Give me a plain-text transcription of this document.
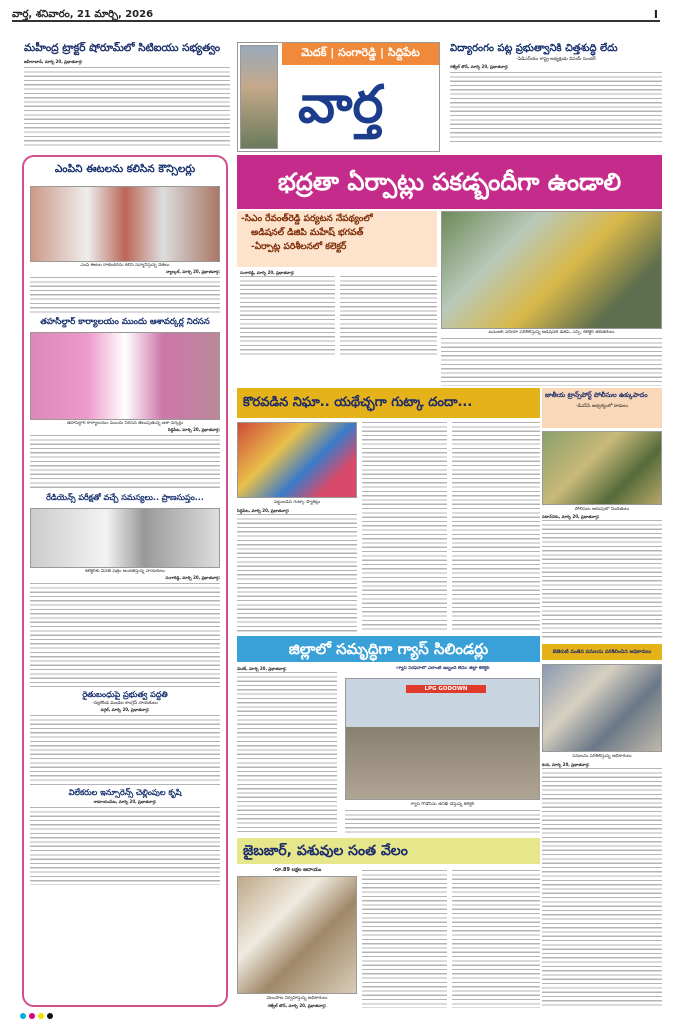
వార్త, శనివారం, 21 మార్చి, 2026	I
మహీంద్ర ట్రాక్టర్ షోరూమ్‌లో సిటిఐయు సభ్యత్వం
జహీరాబాద్, మార్చి 20, ప్రభాతవార్త:
మెదక్ | సంగారెడ్డి | సిద్దిపేట
వార్త
విద్యారంగం పట్ల ప్రభుత్వానికి చిత్తశుద్ధి లేదు
-పిడిఎస్‌యు రాష్ట్ర అధ్యక్షుడు వినయ్ సుందర్
గజ్వేల్ టౌన్, మార్చి 20, ప్రభాతవార్త:
ఎంపిని ఈటలను కలిసిన కౌన్సిలర్లు
ఎంపి ఈటల రాజేందర్‌ను కలిసి సన్మానిస్తున్న నేతలు
న్యాల్కల్, మార్చి 20, ప్రభాతవార్త:
తహసీల్దార్ కార్యాలయం ముందు ఆశావర్కర్ల నిరసన
తహసీల్దార్ కార్యాలయం ముందు నిరసన తెలుపుతున్న ఆశా వర్కర్లు
సిద్దిపేట, మార్చి 20, ప్రభాతవార్త:
రేడియెన్స్ పరీక్షతో వచ్చే సమస్యలు.. ప్రాణసుప్తం...
కలెక్టర్‌కు వినతి పత్రం అందజేస్తున్న నాయకులు
సంగారెడ్డి, మార్చి 20, ప్రభాతవార్త:
రైతుబంధుపై ప్రభుత్వ పద్దతి
-నల్లకొండ మండల కాంగ్రెస్ నాయకులు
వర్గల్, మార్చి 20, ప్రభాతవార్త:
విలేకరుల ఇన్సూరెన్స్ చెల్లింపుల కృషి
రామాయంపేట, మార్చి 20, ప్రభాతవార్త:
భద్రతా ఏర్పాట్లు పకడ్బందీగా ఉండాలి
-సిఎం రేవంత్‌రెడ్డి పర్యటన నేపథ్యంలో
అడిషనల్ డిజిపి మహేష్ భగవత్
-ఏర్పాట్ల పరిశీలనలో కలెక్టర్
ఐఎంఆర్ ఏరియా పరిశీలిస్తున్న అడిషనల్ డిజిపి, ఎస్పీ, కలెక్టర్ తదితరులు
సంగారెడ్డి, మార్చి 20, ప్రభాతవార్త:
కొరవడిన నిఘా.. యథేచ్ఛగా గుట్కా దందా...
పట్టుబడిన గుట్కా ప్యాకెట్లు
సిద్దిపేట, మార్చి 20, ప్రభాతవార్త:
జాతీయ ట్రాన్స్‌పోర్ట్ పోలీసుల ఉక్కుపాదం
-డిఎస్‌పి ఆధ్వర్యంలో దాడులు
పోలీసుల అదుపులో నిందితులు
పటాన్‌చెరు, మార్చి 20, ప్రభాతవార్త:
జిల్లాలో సమృద్ధిగా గ్యాస్ సిలిండర్లు
మెదక్, మార్చి 20, ప్రభాతవార్త:	-గ్యాస్ సరఫరాలో ఎలాంటి ఇబ్బంది లేదు: జిల్లా కలెక్టర్
LPG GODOWN
గ్యాస్ గోడౌన్‌ను తనిఖీ చేస్తున్న కలెక్టర్
బెజెరుటి వంతెన పనులను పరిశీలించిన అధికారులు
పనులను పరిశీలిస్తున్న అధికారులు
కంది, మార్చి 20, ప్రభాతవార్త:
జైబజార్, పశువుల సంత వేలం
-రూ.89 లక్షల ఆదాయం
వేలంపాట నిర్వహిస్తున్న అధికారులు
గజ్వేల్ టౌన్, మార్చి 20, ప్రభాతవార్త:
